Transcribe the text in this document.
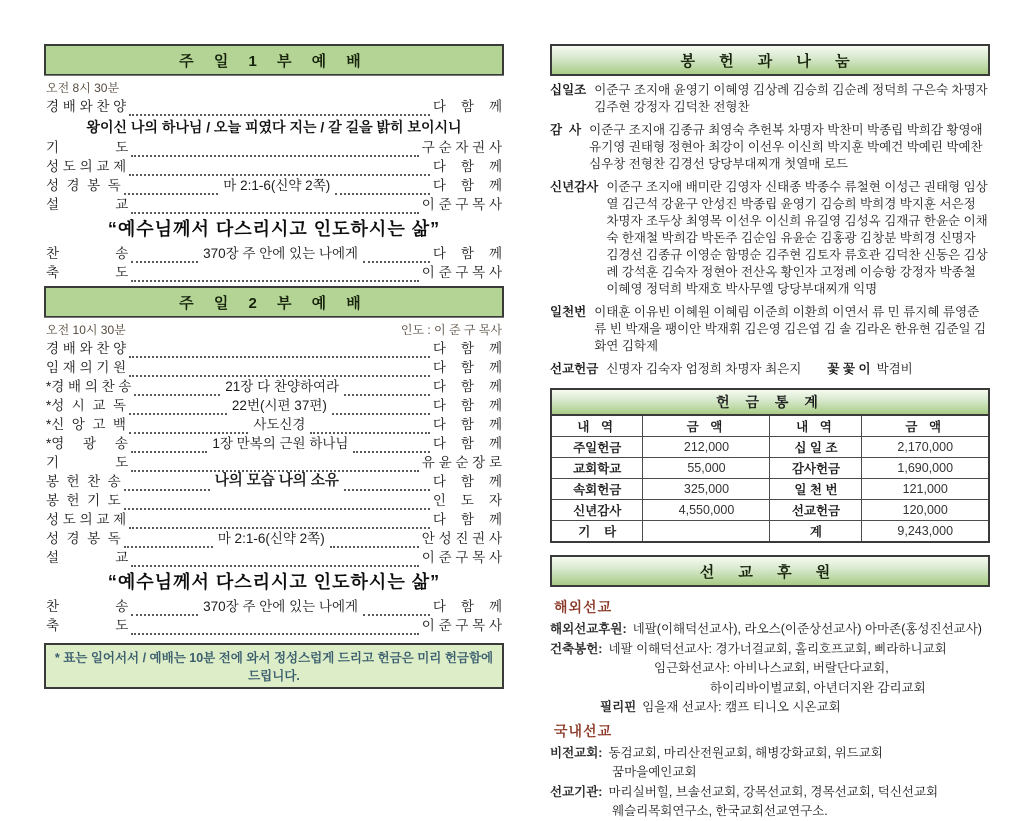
주 일 1 부 예 배
오전 8시 30분
경 배 와 찬 양	다    함    께
왕이신 나의 하나님 / 오늘 피였다 지는 / 갈 길을 밝히 보이시니
기               도	구 순 자 권 사
성 도 의 교 제	다    함    께
성  경  봉  독	마 2:1-6(신약 2쪽)	다    함    께
설               교	이 준 구 목 사
“예수님께서 다스리시고 인도하시는 삶”
찬               송	370장 주 안에 있는 나에게	다    함    께
축               도	이 준 구 목 사
주 일 2 부 예 배
오전 10시 30분	인도 : 이 준 구 목사
경 배 와 찬 양	다    함    께
임 재 의 기 원	다    함    께
*경 배 의 찬 송	21장 다 찬양하여라	다    함    께
*성  시  교  독	22번(시편 37편)	다    함    께
*신  앙  고  백	사도신경	다    함    께
*영     광     송	1장 만복의 근원 하나님	다    함    께
기               도	유 윤 순 장 로
봉  헌  찬  송	나의 모습 나의 소유	다    함    께
봉  헌  기  도	인    도    자
성 도 의 교 제	다    함    께
성  경  봉  독	마 2:1-6(신약 2쪽)	안 성 진 권 사
설               교	이 준 구 목 사
“예수님께서 다스리시고 인도하시는 삶”
찬               송	370장 주 안에 있는 나에게	다    함    께
축               도	이 준 구 목 사
* 표는 일어서서 / 예배는 10분 전에 와서 정성스럽게 드리고 헌금은 미리 헌금함에 드립니다.
봉 헌 과 나 눔
십일조 이준구 조지애 윤영기 이혜영 김상례 김승희 김순례 정덕희 구은숙 차명자 김주현 강정자 김덕찬 전형찬
감  사 이준구 조지애 김종규 최영숙 추헌복 차명자 박찬미 박종립 박희감 황영애 유기영 권태형 정현아 최강이 이선우 이신희 박지훈 박예건 박예린 박예찬 심우창 전형찬 김경선 당당부대찌개 첫열매 로드
신년감사 이준구 조지애 배미란 김영자 신태종 박종수 류철현 이성근 권태형 임상열 김근석 강윤구 안성진 박종립 윤영기 김승희 박희경 박지훈 서은정 차명자 조두상 최영목 이선우 이신희 유길영 김성옥 김재규 한윤순 이채숙 한재철 박희감 박돈주 김순임 유윤순 김홍광 김창분 박희경 신명자 김경선 김종규 이영순 함명순 김주현 김토자 류호관 김덕찬 신동은 김상례 강석훈 김숙자 정현아 전산옥 황인자 고정례 이승항 강정자 박종철 이혜영 정덕희 박재호 박사무엘 당당부대찌개 익명
일천번 이태훈 이유빈 이혜원 이혜림 이준희 이환희 이연서 류 민 류지혜 류영준 류 빈 박재을 팽이안 박재휘 김은영 김은엽 김 솔 김라온 한유현 김준일 김화연 김학제
선교헌금 신명자 김숙자 엄정희 차명자 최은지 꽃 꽃 이 박겸비
헌 금 통 계			
내 역	금 액	내 역	금 액
주일헌금	212,000	십 일 조	2,170,000
교회학교	55,000	감사헌금	1,690,000
속회헌금	325,000	일 천 번	121,000
신년감사	4,550,000	선교헌금	120,000
기    타		계	9,243,000
선 교 후 원
해외선교
해외선교후원: 네팔(이해덕선교사), 라오스(이준상선교사) 아마존(홍성진선교사)
건축봉헌: 네팔 이해덕선교사: 경가너걸교회, 홀리호프교회, 삐라하니교회
임근화선교사: 아비나스교회, 버랄단다교회,
하이리바이벌교회, 아년더지완 감리교회
필리핀 임을재 선교사: 캠프 티니오 시온교회
국내선교
비전교회: 동검교회, 마리산전원교회, 해병강화교회, 위드교회
꿈마을예인교회
선교기관: 마리실버힐, 브솔선교회, 강목선교회, 경목선교회, 덕신선교회
웨슬리목회연구소, 한국교회선교연구소.
